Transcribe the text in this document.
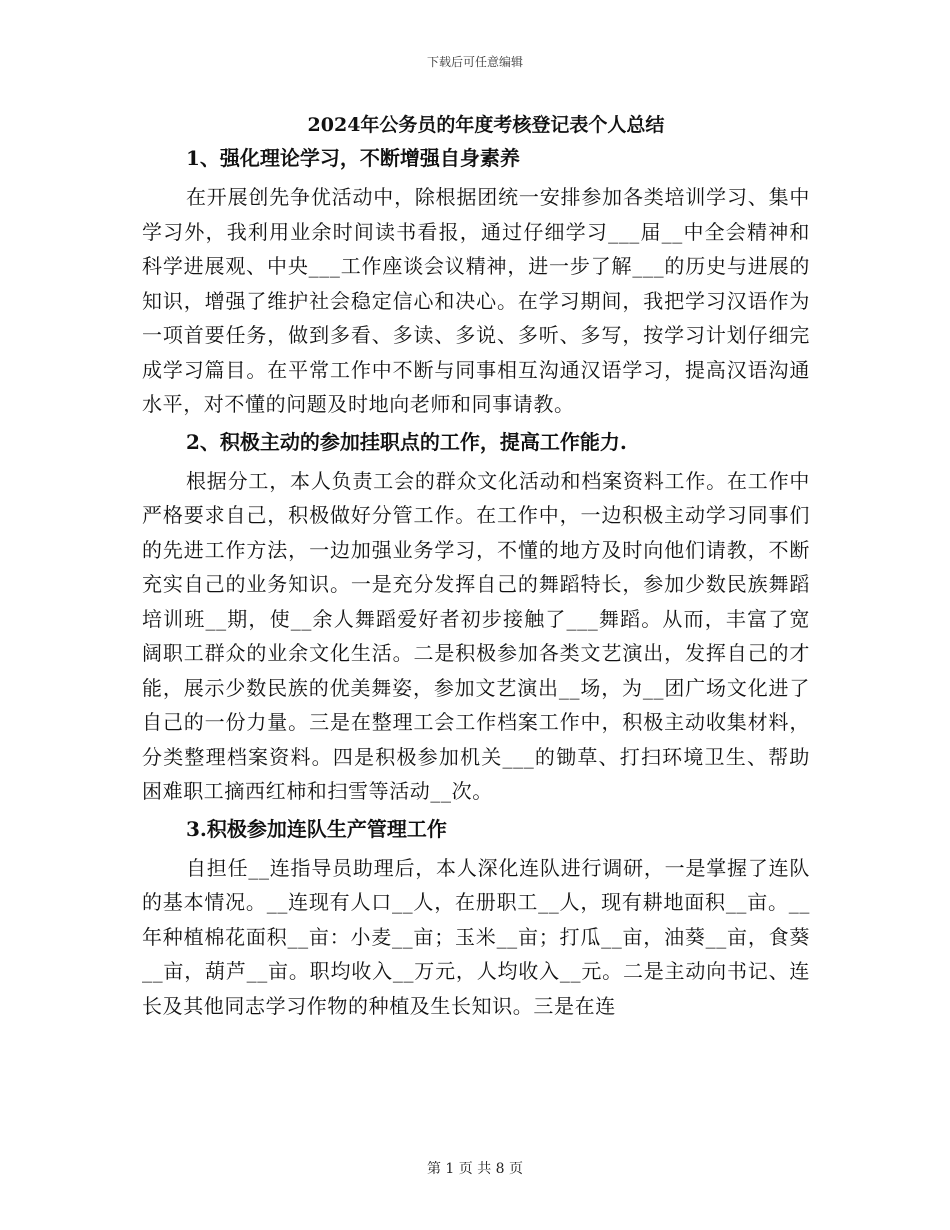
下载后可任意编辑
2024年公务员的年度考核登记表个人总结
1、强化理论学习，不断增强自身素养

在开展创先争优活动中，除根据团统一安排参加各类培训学习、集中学习外，我利用业余时间读书看报，通过仔细学习___届__中全会精神和科学进展观、中央___工作座谈会议精神，进一步了解___的历史与进展的知识，增强了维护社会稳定信心和决心。在学习期间，我把学习汉语作为一项首要任务，做到多看、多读、多说、多听、多写，按学习计划仔细完成学习篇目。在平常工作中不断与同事相互沟通汉语学习，提高汉语沟通水平，对不懂的问题及时地向老师和同事请教。

2、积极主动的参加挂职点的工作，提高工作能力.

根据分工，本人负责工会的群众文化活动和档案资料工作。在工作中严格要求自己，积极做好分管工作。在工作中，一边积极主动学习同事们的先进工作方法，一边加强业务学习，不懂的地方及时向他们请教，不断充实自己的业务知识。一是充分发挥自己的舞蹈特长，参加少数民族舞蹈培训班__期，使__余人舞蹈爱好者初步接触了___舞蹈。从而，丰富了宽阔职工群众的业余文化生活。二是积极参加各类文艺演出，发挥自己的才能，展示少数民族的优美舞姿，参加文艺演出__场，为__团广场文化进了自己的一份力量。三是在整理工会工作档案工作中，积极主动收集材料，分类整理档案资料。四是积极参加机关___的锄草、打扫环境卫生、帮助困难职工摘西红柿和扫雪等活动__次。

3.积极参加连队生产管理工作

自担任__连指导员助理后，本人深化连队进行调研，一是掌握了连队的基本情况。__连现有人口__人，在册职工__人，现有耕地面积__亩。__年种植棉花面积__亩：小麦__亩；玉米__亩；打瓜__亩，油葵__亩，食葵__亩，葫芦__亩。职均收入__万元，人均收入__元。二是主动向书记、连长及其他同志学习作物的种植及生长知识。三是在连

第 1 页 共 8 页
